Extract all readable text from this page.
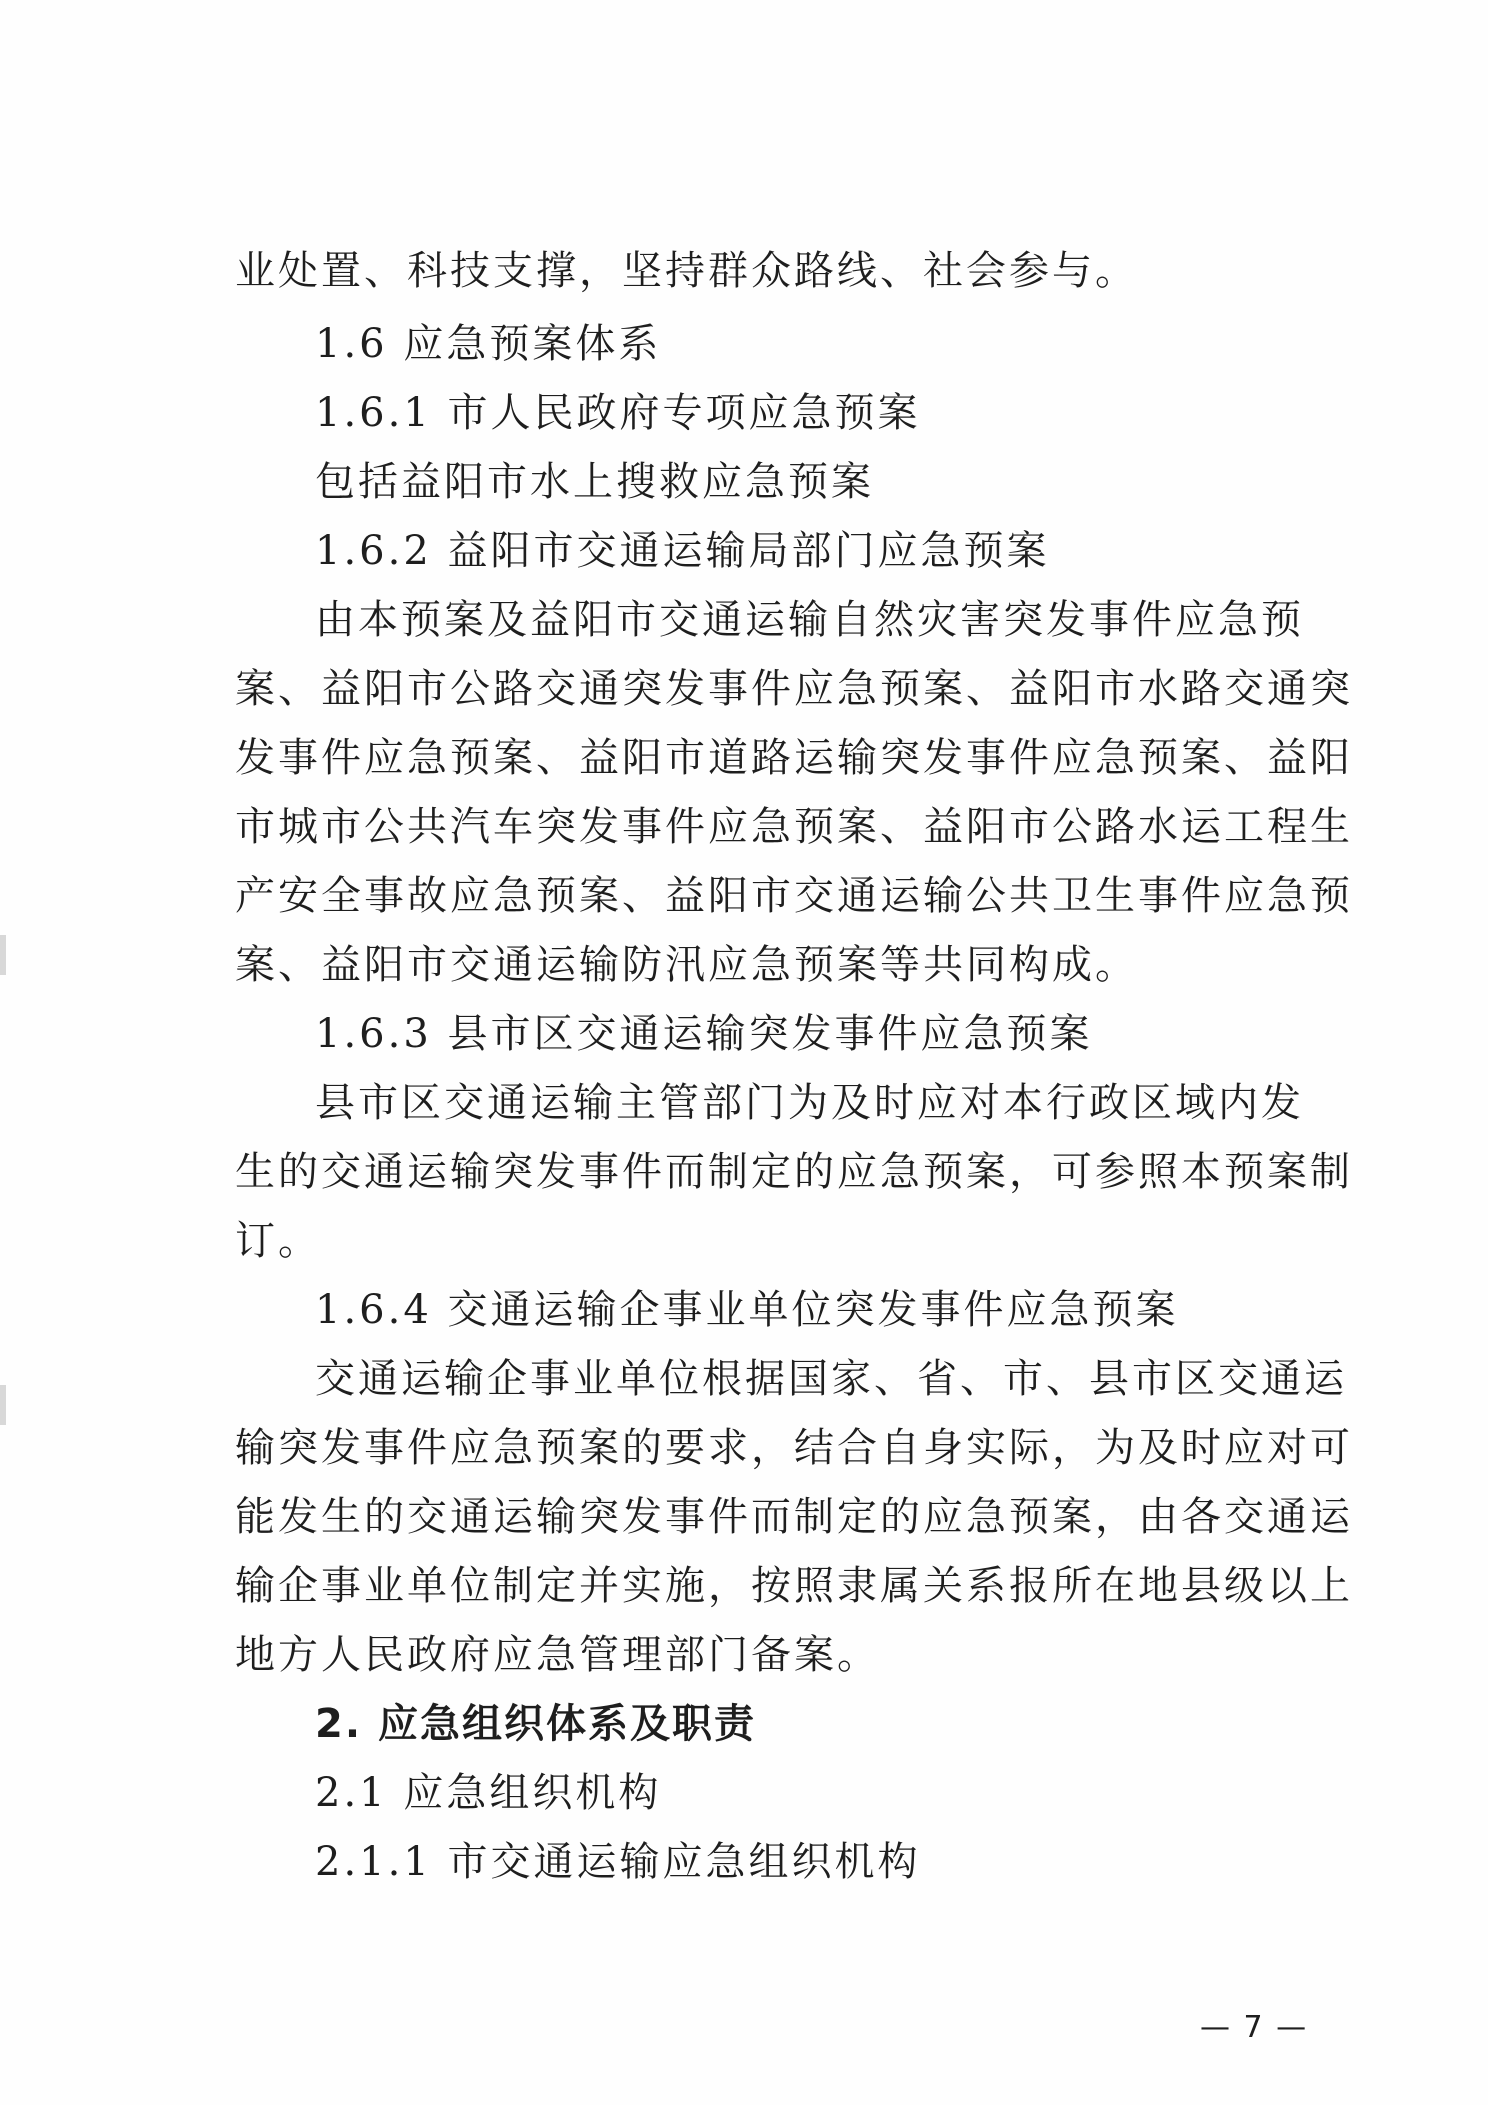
业处置、科技支撑，坚持群众路线、社会参与。
1.6 应急预案体系
1.6.1 市人民政府专项应急预案
包括益阳市水上搜救应急预案
1.6.2 益阳市交通运输局部门应急预案
由本预案及益阳市交通运输自然灾害突发事件应急预
案、益阳市公路交通突发事件应急预案、益阳市水路交通突
发事件应急预案、益阳市道路运输突发事件应急预案、益阳
市城市公共汽车突发事件应急预案、益阳市公路水运工程生
产安全事故应急预案、益阳市交通运输公共卫生事件应急预
案、益阳市交通运输防汛应急预案等共同构成。
1.6.3 县市区交通运输突发事件应急预案
县市区交通运输主管部门为及时应对本行政区域内发
生的交通运输突发事件而制定的应急预案，可参照本预案制
订。
1.6.4 交通运输企事业单位突发事件应急预案
交通运输企事业单位根据国家、省、市、县市区交通运
输突发事件应急预案的要求，结合自身实际，为及时应对可
能发生的交通运输突发事件而制定的应急预案，由各交通运
输企事业单位制定并实施，按照隶属关系报所在地县级以上
地方人民政府应急管理部门备案。
2. 应急组织体系及职责
2.1 应急组织机构
2.1.1 市交通运输应急组织机构
— 7 —
